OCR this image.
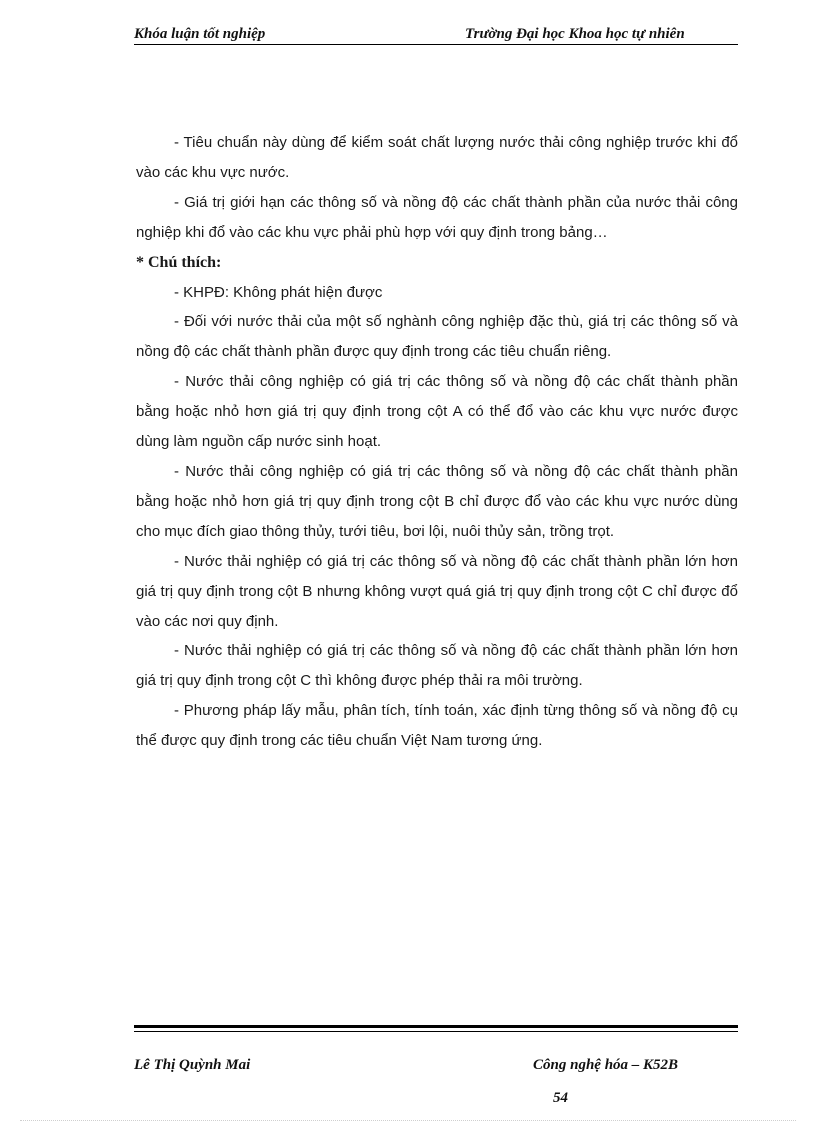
Khóa luận tốt nghiệp	Trường Đại học Khoa học tự nhiên

- Tiêu chuẩn này dùng để kiểm soát chất lượng nước thải công nghiệp trước khi đổ vào các khu vực nước.

- Giá trị giới hạn các thông số và nồng độ các chất thành phần của nước thải công nghiệp khi đổ vào các khu vực phải phù hợp với quy định trong bảng…

* Chú thích:

- KHPĐ: Không phát hiện được

- Đối với nước thải của một số nghành công nghiệp đặc thù, giá trị các thông số và nồng độ các chất thành phần được quy định trong các tiêu chuẩn riêng.

- Nước thải công nghiệp có giá trị các thông số và nồng độ các chất thành phần bằng hoặc nhỏ hơn giá trị quy định trong cột A có thể đổ vào các khu vực nước được dùng làm nguồn cấp nước sinh hoạt.

- Nước thải công nghiệp có giá trị các thông số và nồng độ các chất thành phần bằng hoặc nhỏ hơn giá trị quy định trong cột B chỉ được đổ vào các khu vực nước dùng cho mục đích giao thông thủy, tưới tiêu, bơi lội, nuôi thủy sản, trồng trọt.

- Nước thải nghiệp có giá trị các thông số và nồng độ các chất thành phần lớn hơn giá trị quy định trong cột B nhưng không vượt quá giá trị quy định trong cột C chỉ được đổ vào các nơi quy định.

- Nước thải nghiệp có giá trị các thông số và nồng độ các chất thành phần lớn hơn giá trị quy định trong cột C thì không được phép thải ra môi trường.

- Phương pháp lấy mẫu, phân tích, tính toán, xác định từng thông số và nồng độ cụ thể được quy định trong các tiêu chuẩn Việt Nam tương ứng.

Lê Thị Quỳnh Mai	Công nghệ hóa – K52B
54
